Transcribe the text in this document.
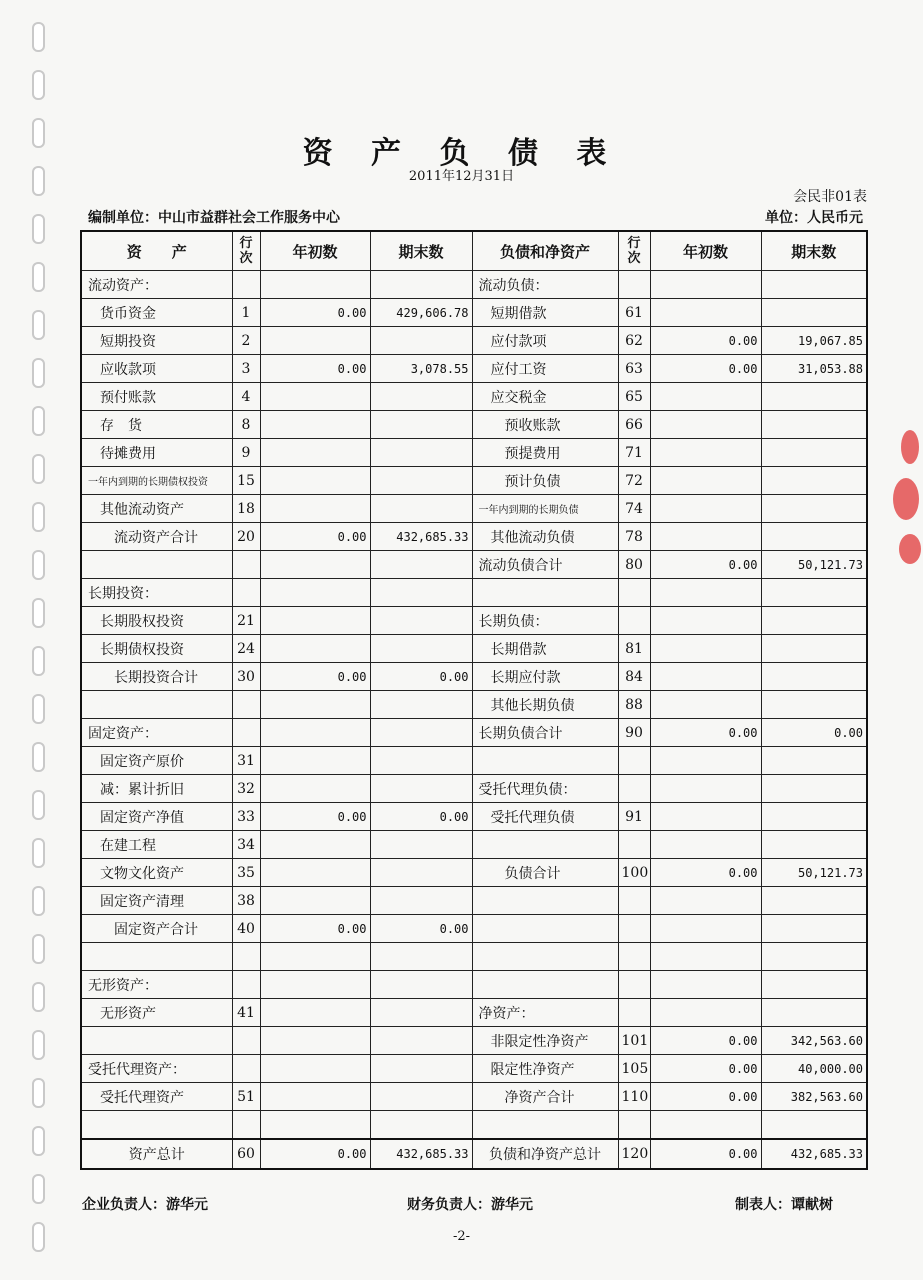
资 产 负 债 表
2011年12月31日
会民非01表
编制单位：中山市益群社会工作服务中心	单位：人民币元
资　　产	行次	年初数	期末数	负债和净资产	行次	年初数	期末数
流动资产：				流动负债：			
货币资金	1	0.00	429,606.78	短期借款	61		
短期投资	2			应付款项	62	0.00	19,067.85
应收款项	3	0.00	3,078.55	应付工资	63	0.00	31,053.88
预付账款	4			应交税金	65		
存　货	8			预收账款	66		
待摊费用	9			预提费用	71		
一年内到期的长期债权投资	15			预计负债	72		
其他流动资产	18			一年内到期的长期负债	74		
流动资产合计	20	0.00	432,685.33	其他流动负债	78		
				流动负债合计	80	0.00	50,121.73
长期投资：							
长期股权投资	21			长期负债：			
长期债权投资	24			长期借款	81		
长期投资合计	30	0.00	0.00	长期应付款	84		
				其他长期负债	88		
固定资产：				长期负债合计	90	0.00	0.00
固定资产原价	31						
减：累计折旧	32			受托代理负债：			
固定资产净值	33	0.00	0.00	受托代理负债	91		
在建工程	34						
文物文化资产	35			负债合计	100	0.00	50,121.73
固定资产清理	38						
固定资产合计	40	0.00	0.00				

无形资产：							
无形资产	41			净资产：			
				非限定性净资产	101	0.00	342,563.60
受托代理资产：				限定性净资产	105	0.00	40,000.00
受托代理资产	51			净资产合计	110	0.00	382,563.60

资产总计	60	0.00	432,685.33	负债和净资产总计	120	0.00	432,685.33
企业负责人：游华元	财务负责人：游华元	制表人：谭献树
-2-
